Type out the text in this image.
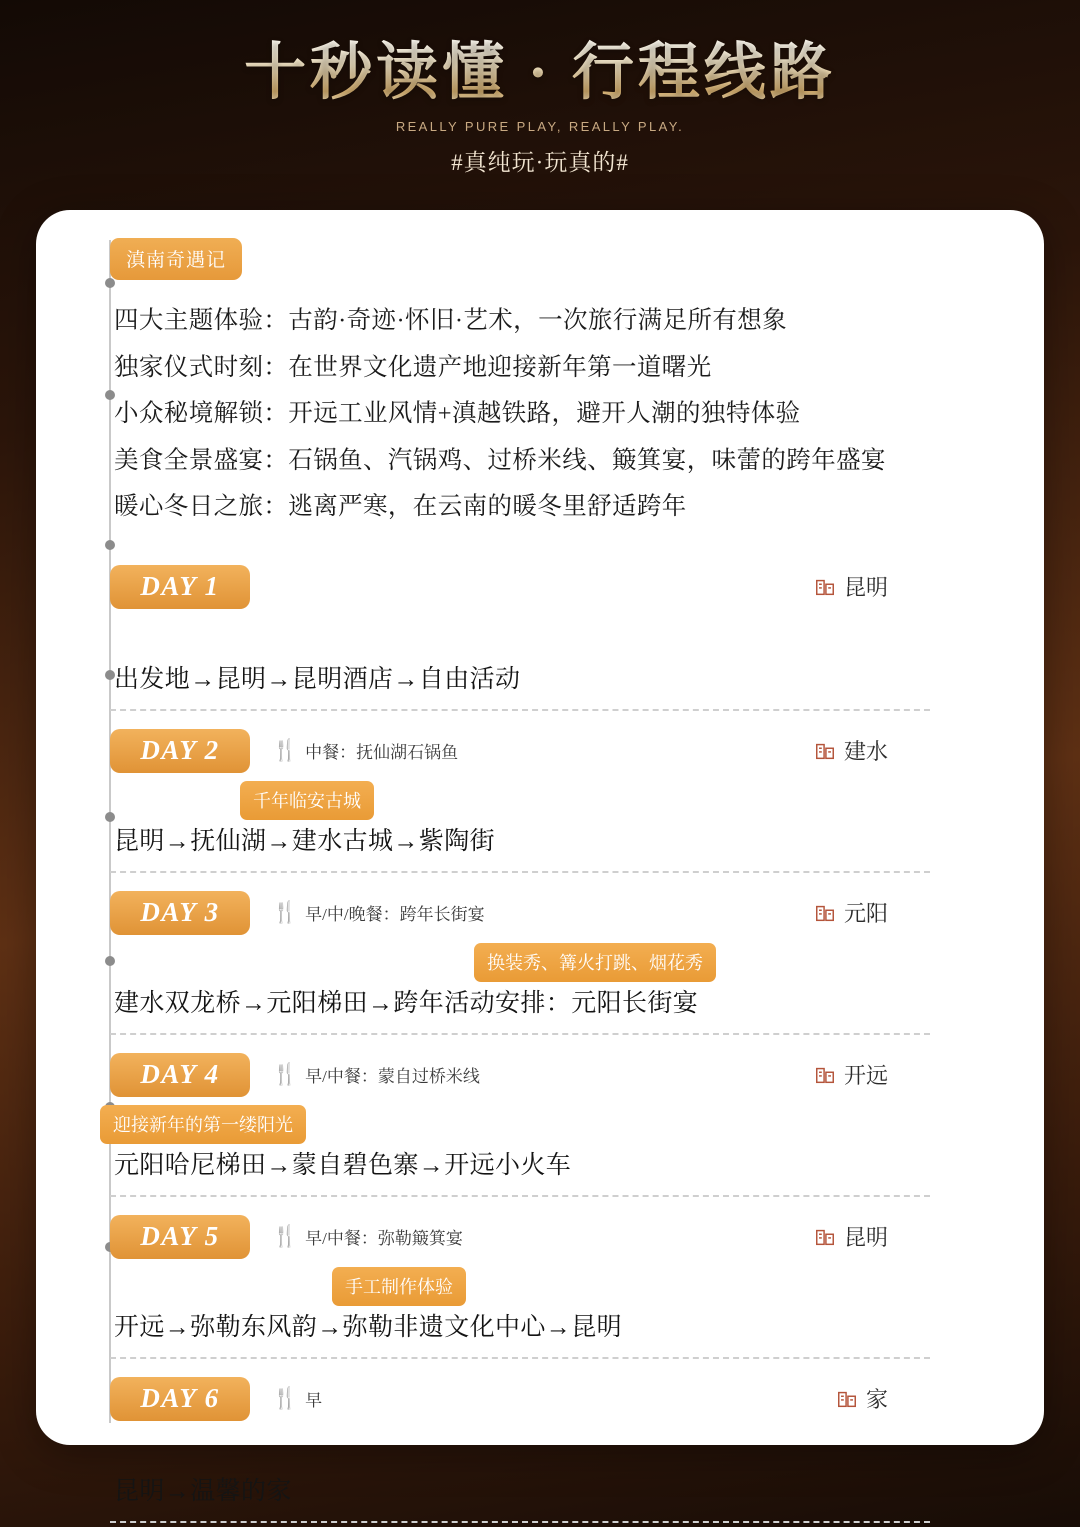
十秒读懂 · 行程线路
REALLY PURE PLAY, REALLY PLAY.
#真纯玩·玩真的#
滇南奇遇记
四大主题体验：古韵·奇迹·怀旧·艺术，一次旅行满足所有想象
独家仪式时刻：在世界文化遗产地迎接新年第一道曙光
小众秘境解锁：开远工业风情+滇越铁路，避开人潮的独特体验
美食全景盛宴：石锅鱼、汽锅鸡、过桥米线、簸箕宴，味蕾的跨年盛宴
暖心冬日之旅：逃离严寒，在云南的暖冬里舒适跨年
DAY 1	昆明
出发地→昆明→昆明酒店→自由活动
DAY 2	🍴 中餐：抚仙湖石锅鱼	建水
千年临安古城
昆明→抚仙湖→建水古城→紫陶街
DAY 3	🍴 早/中/晚餐：跨年长街宴	元阳
换装秀、篝火打跳、烟花秀
建水双龙桥→元阳梯田→跨年活动安排：元阳长街宴
DAY 4	🍴 早/中餐：蒙自过桥米线	开远
迎接新年的第一缕阳光
元阳哈尼梯田→蒙自碧色寨→开远小火车
DAY 5	🍴 早/中餐：弥勒簸箕宴	昆明
手工制作体验
开远→弥勒东风韵→弥勒非遗文化中心→昆明
DAY 6	🍴 早	家
昆明→温馨的家
